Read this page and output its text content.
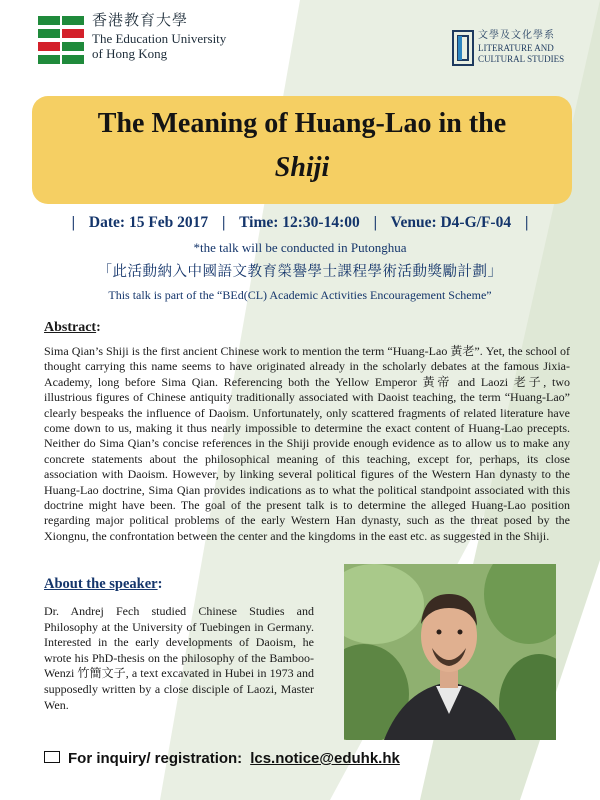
香港教育大學
The Education University
of Hong Kong
文學及文化學系
LITERATURE AND
CULTURAL STUDIES
The Meaning of Huang-Lao in the
Shiji
| Date: 15 Feb 2017 | Time: 12:30-14:00 | Venue: D4-G/F-04 |
*the talk will be conducted in Putonghua
「此活動納入中國語文教育榮譽學士課程學術活動獎勵計劃」
This talk is part of the “BEd(CL) Academic Activities Encouragement Scheme”
Abstract:
Sima Qian’s Shiji is the first ancient Chinese work to mention the term “Huang-Lao 黃老”. Yet, the school of thought carrying this name seems to have originated already in the scholarly debates at the famous Jixia-Academy, long before Sima Qian. Referencing both the Yellow Emperor 黃帝 and Laozi 老子, two illustrious figures of Chinese antiquity traditionally associated with Daoist teaching, the term “Huang-Lao” clearly bespeaks the influence of Daoism. Unfortunately, only scattered fragments of related literature have come down to us, making it thus nearly impossible to determine the exact content of Huang-Lao precepts. Neither do Sima Qian’s concise references in the Shiji provide enough evidence as to allow us to make any concrete statements about the philosophical meaning of this teaching, except for, perhaps, its close association with Daoism. However, by linking several political figures of the Western Han dynasty to the Huang-Lao doctrine, Sima Qian provides indications as to what the political standpoint associated with this doctrine might have been. The goal of the present talk is to determine the alleged Huang-Lao position regarding major political problems of the early Western Han dynasty, such as the threat posed by the Xiongnu, the confrontation between the center and the kingdoms in the east etc. as suggested in the Shiji.
About the speaker:
Dr. Andrej Fech studied Chinese Studies and Philosophy at the University of Tuebingen in Germany. Interested in the early developments of Daoism, he wrote his PhD-thesis on the philosophy of the Bamboo-Wenzi 竹簡文子, a text excavated in Hubei in 1973 and supposedly written by a close disciple of Laozi, Master Wen.
For inquiry/ registration: lcs.notice@eduhk.hk
